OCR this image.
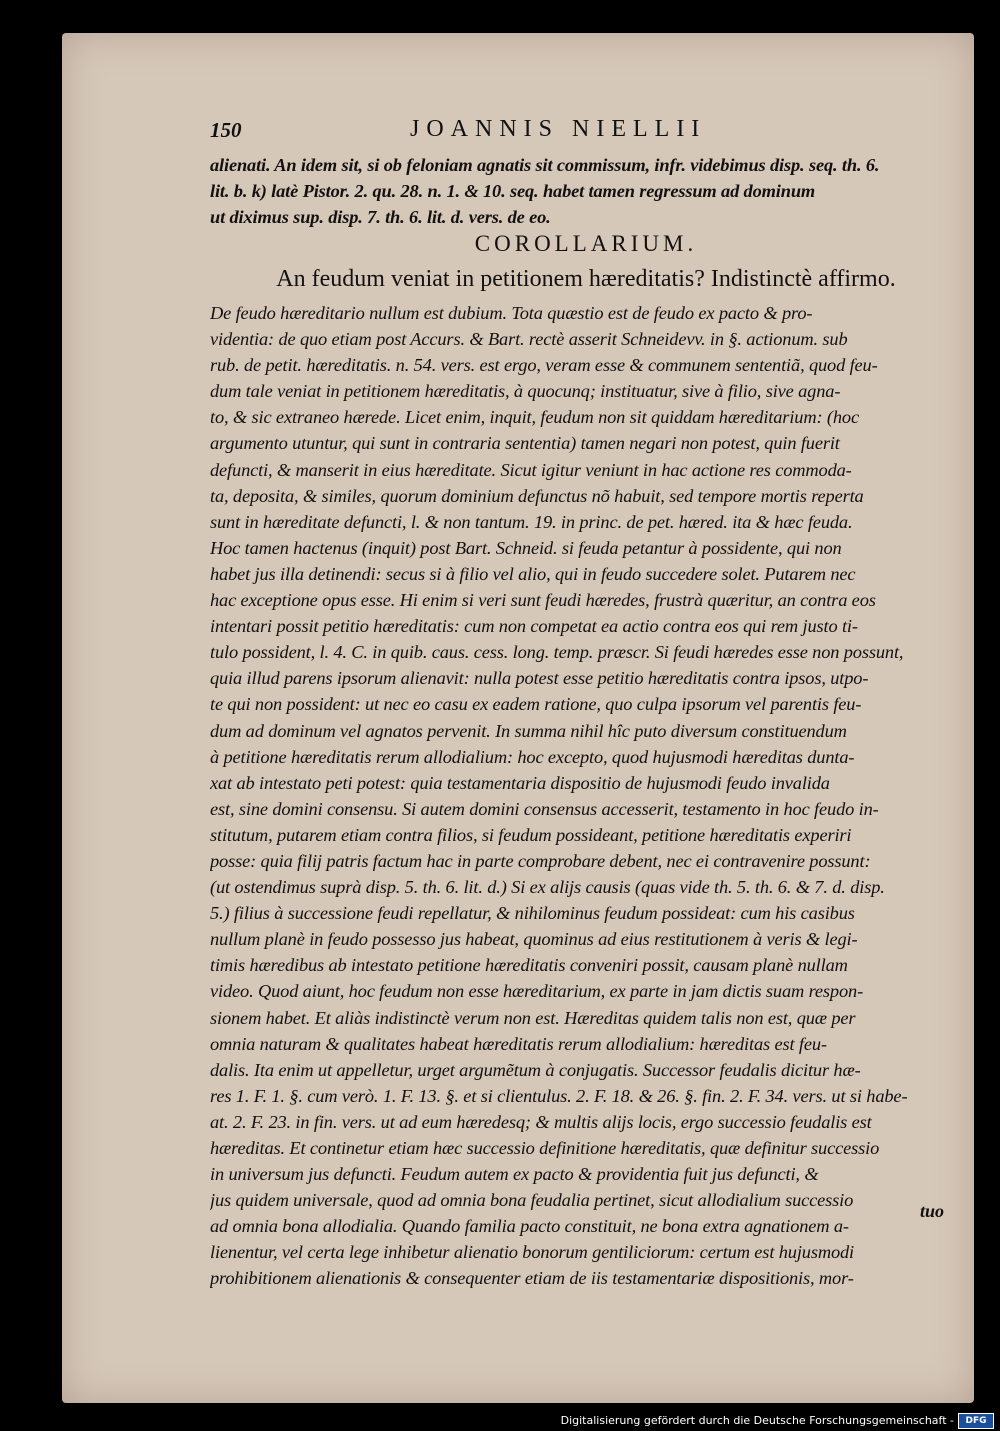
150	JOANNIS NIELLII
alienati. An idem sit, si ob feloniam agnatis sit commissum, infr. videbimus disp. seq. th. 6.
lit. b. k) latè Pistor. 2. qu. 28. n. 1. & 10. seq. habet tamen regressum ad dominum
ut diximus sup. disp. 7. th. 6. lit. d. vers. de eo.
COROLLARIUM.
An feudum veniat in petitionem hæreditatis? Indistinctè affirmo.
De feudo hæreditario nullum est dubium. Tota quæstio est de feudo ex pacto & pro-
videntia: de quo etiam post Accurs. & Bart. rectè asserit Schneidevv. in §. actionum. sub
rub. de petit. hæreditatis. n. 54. vers. est ergo, veram esse & communem sententiã, quod feu-
dum tale veniat in petitionem hæreditatis, à quocunq; instituatur, sive à filio, sive agna-
to, & sic extraneo hærede. Licet enim, inquit, feudum non sit quiddam hæreditarium: (hoc
argumento utuntur, qui sunt in contraria sententia) tamen negari non potest, quin fuerit
defuncti, & manserit in eius hæreditate. Sicut igitur veniunt in hac actione res commoda-
ta, deposita, & similes, quorum dominium defunctus nõ habuit, sed tempore mortis reperta
sunt in hæreditate defuncti, l. & non tantum. 19. in princ. de pet. hæred. ita & hæc feuda.
Hoc tamen hactenus (inquit) post Bart. Schneid. si feuda petantur à possidente, qui non
habet jus illa detinendi: secus si à filio vel alio, qui in feudo succedere solet. Putarem nec
hac exceptione opus esse. Hi enim si veri sunt feudi hæredes, frustrà quæritur, an contra eos
intentari possit petitio hæreditatis: cum non competat ea actio contra eos qui rem justo ti-
tulo possident, l. 4. C. in quib. caus. cess. long. temp. præscr. Si feudi hæredes esse non possunt,
quia illud parens ipsorum alienavit: nulla potest esse petitio hæreditatis contra ipsos, utpo-
te qui non possident: ut nec eo casu ex eadem ratione, quo culpa ipsorum vel parentis feu-
dum ad dominum vel agnatos pervenit. In summa nihil hîc puto diversum constituendum
à petitione hæreditatis rerum allodialium: hoc excepto, quod hujusmodi hæreditas dunta-
xat ab intestato peti potest: quia testamentaria dispositio de hujusmodi feudo invalida
est, sine domini consensu. Si autem domini consensus accesserit, testamento in hoc feudo in-
stitutum, putarem etiam contra filios, si feudum possideant, petitione hæreditatis experiri
posse: quia filij patris factum hac in parte comprobare debent, nec ei contravenire possunt:
(ut ostendimus suprà disp. 5. th. 6. lit. d.) Si ex alijs causis (quas vide th. 5. th. 6. & 7. d. disp.
5.) filius à successione feudi repellatur, & nihilominus feudum possideat: cum his casibus
nullum planè in feudo possesso jus habeat, quominus ad eius restitutionem à veris & legi-
timis hæredibus ab intestato petitione hæreditatis conveniri possit, causam planè nullam
video. Quod aiunt, hoc feudum non esse hæreditarium, ex parte in jam dictis suam respon-
sionem habet. Et aliàs indistinctè verum non est. Hæreditas quidem talis non est, quæ per
omnia naturam & qualitates habeat hæreditatis rerum allodialium: hæreditas est feu-
dalis. Ita enim ut appelletur, urget argumẽtum à conjugatis. Successor feudalis dicitur hæ-
res 1. F. 1. §. cum verò. 1. F. 13. §. et si clientulus. 2. F. 18. & 26. §. fin. 2. F. 34. vers. ut si habe-
at. 2. F. 23. in fin. vers. ut ad eum hæredesq; & multis alijs locis, ergo successio feudalis est
hæreditas. Et continetur etiam hæc successio definitione hæreditatis, quæ definitur successio
in universum jus defuncti. Feudum autem ex pacto & providentia fuit jus defuncti, &
jus quidem universale, quod ad omnia bona feudalia pertinet, sicut allodialium successio
ad omnia bona allodialia. Quando familia pacto constituit, ne bona extra agnationem a-
lienentur, vel certa lege inhibetur alienatio bonorum gentiliciorum: certum est hujusmodi
prohibitionem alienationis & consequenter etiam de iis testamentariæ dispositionis, mor-
tuo
Digitalisierung gefördert durch die Deutsche Forschungsgemeinschaft -	DFG
